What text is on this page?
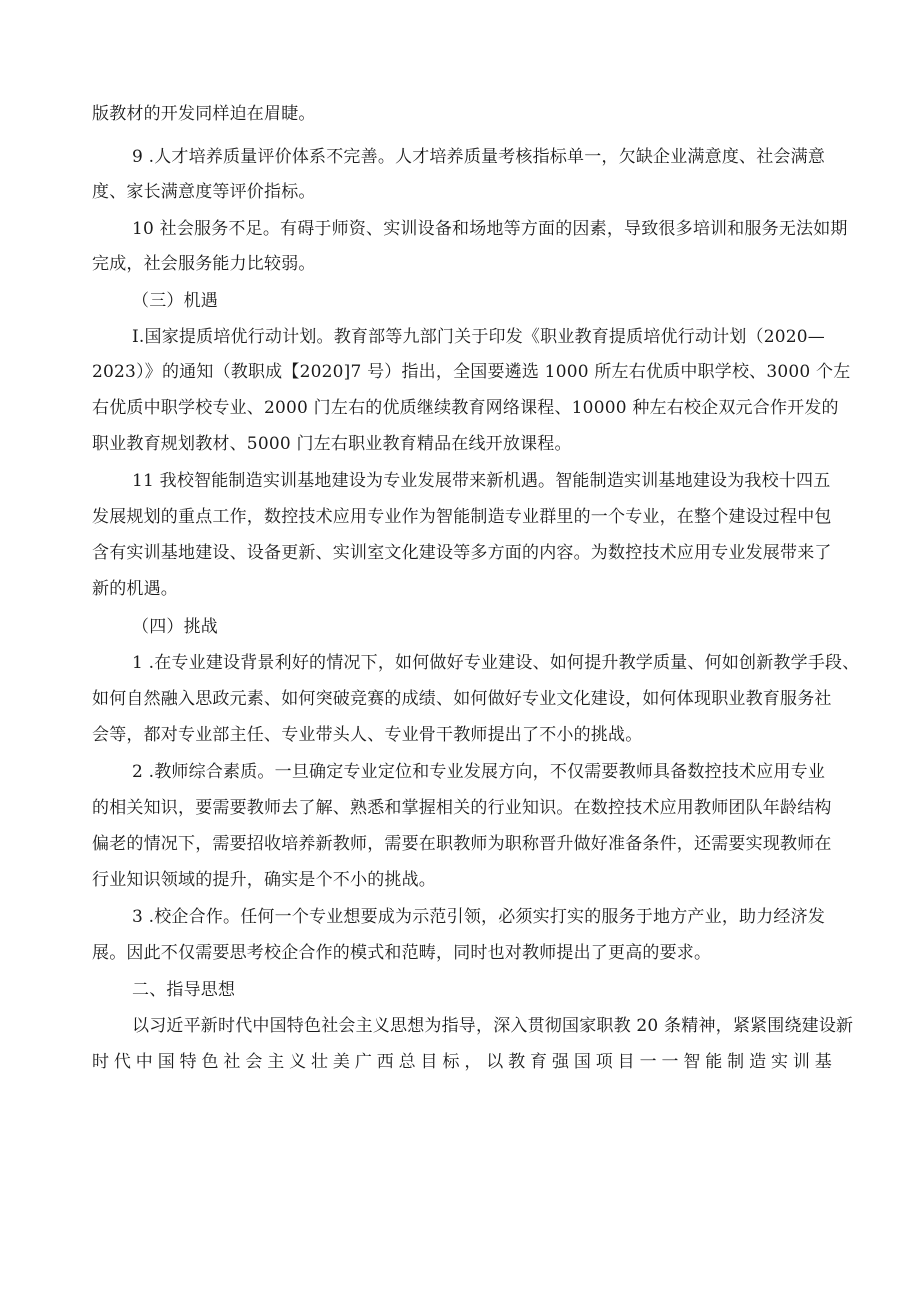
版教材的开发同样迫在眉睫。
9 .人才培养质量评价体系不完善。人才培养质量考核指标单一，欠缺企业满意度、社会满意
度、家长满意度等评价指标。
10 社会服务不足。有碍于师资、实训设备和场地等方面的因素，导致很多培训和服务无法如期
完成，社会服务能力比较弱。
（三）机遇
I.国家提质培优行动计划。教育部等九部门关于印发《职业教育提质培优行动计划（2020—
2023）》的通知（教职成【2020]7 号）指出，全国要遴选 1000 所左右优质中职学校、3000 个左
右优质中职学校专业、2000 门左右的优质继续教育网络课程、10000 种左右校企双元合作开发的
职业教育规划教材、5000 门左右职业教育精品在线开放课程。
11 我校智能制造实训基地建设为专业发展带来新机遇。智能制造实训基地建设为我校十四五
发展规划的重点工作，数控技术应用专业作为智能制造专业群里的一个专业，在整个建设过程中包
含有实训基地建设、设备更新、实训室文化建设等多方面的内容。为数控技术应用专业发展带来了
新的机遇。
（四）挑战
1 .在专业建设背景利好的情况下，如何做好专业建设、如何提升教学质量、何如创新教学手段、
如何自然融入思政元素、如何突破竞赛的成绩、如何做好专业文化建设，如何体现职业教育服务社
会等，都对专业部主任、专业带头人、专业骨干教师提出了不小的挑战。
2 .教师综合素质。一旦确定专业定位和专业发展方向，不仅需要教师具备数控技术应用专业
的相关知识，要需要教师去了解、熟悉和掌握相关的行业知识。在数控技术应用教师团队年龄结构
偏老的情况下，需要招收培养新教师，需要在职教师为职称晋升做好准备条件，还需要实现教师在
行业知识领域的提升，确实是个不小的挑战。
3 .校企合作。任何一个专业想要成为示范引领，必须实打实的服务于地方产业，助力经济发
展。因此不仅需要思考校企合作的模式和范畴，同时也对教师提出了更高的要求。
二、指导思想
以习近平新时代中国特色社会主义思想为指导，深入贯彻国家职教 20 条精神，紧紧围绕建设新
时代中国特色社会主义壮美广西总目标，以教育强国项目一一智能制造实训基
